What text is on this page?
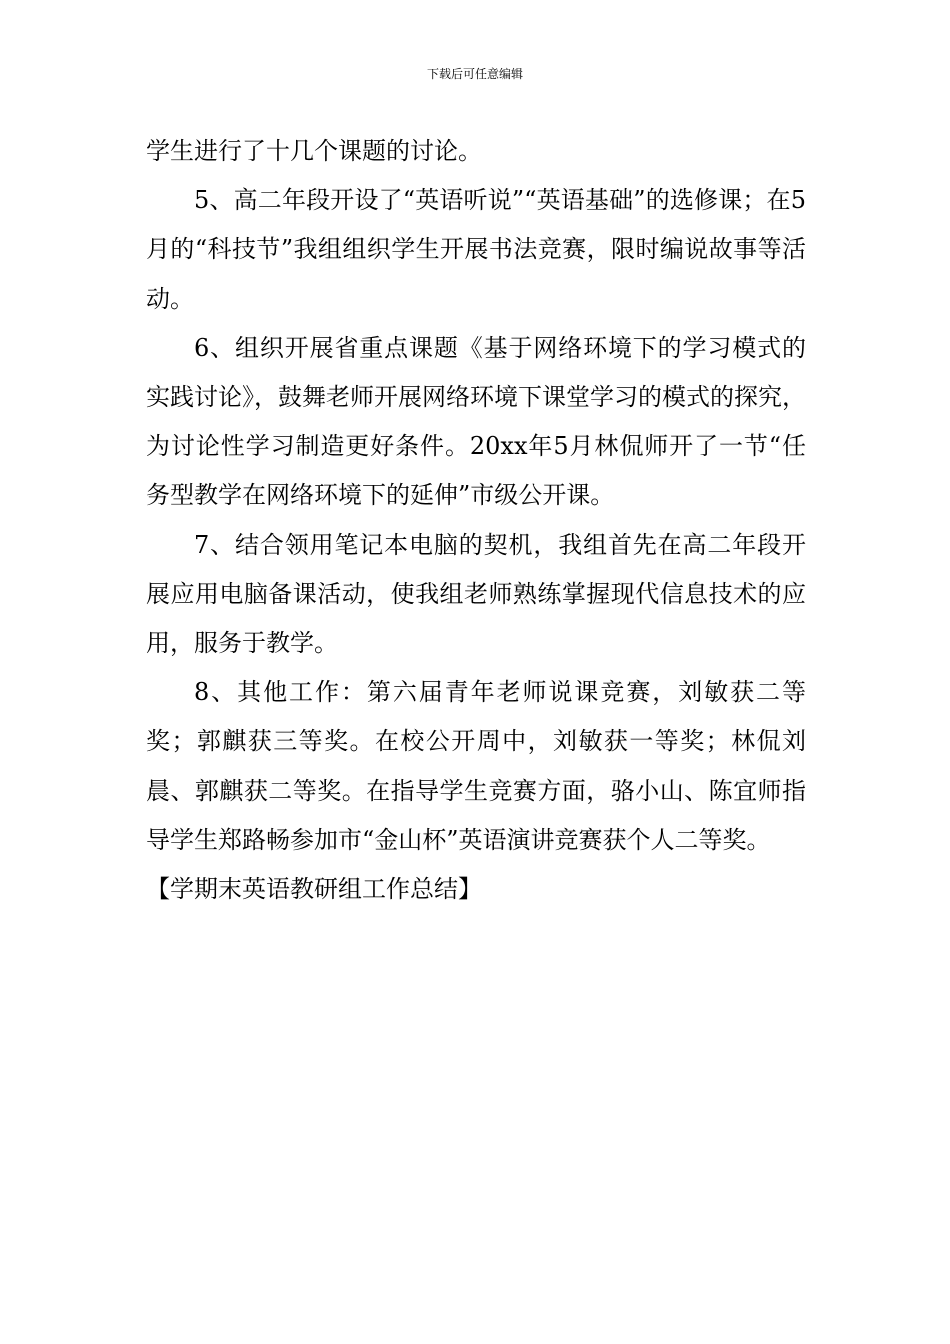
下载后可任意编辑

学生进行了十几个课题的讨论。

5、高二年段开设了“英语听说”“英语基础”的选修课；在5月的“科技节”我组组织学生开展书法竞赛，限时编说故事等活动。

6、组织开展省重点课题《基于网络环境下的学习模式的实践讨论》，鼓舞老师开展网络环境下课堂学习的模式的探究，为讨论性学习制造更好条件。20xx年5月林侃师开了一节“任务型教学在网络环境下的延伸”市级公开课。

7、结合领用笔记本电脑的契机，我组首先在高二年段开展应用电脑备课活动，使我组老师熟练掌握现代信息技术的应用，服务于教学。

8、其他工作：第六届青年老师说课竞赛，刘敏获二等奖；郭麒获三等奖。在校公开周中，刘敏获一等奖；林侃刘晨、郭麒获二等奖。在指导学生竞赛方面，骆小山、陈宜师指导学生郑路畅参加市“金山杯”英语演讲竞赛获个人二等奖。

【学期末英语教研组工作总结】
